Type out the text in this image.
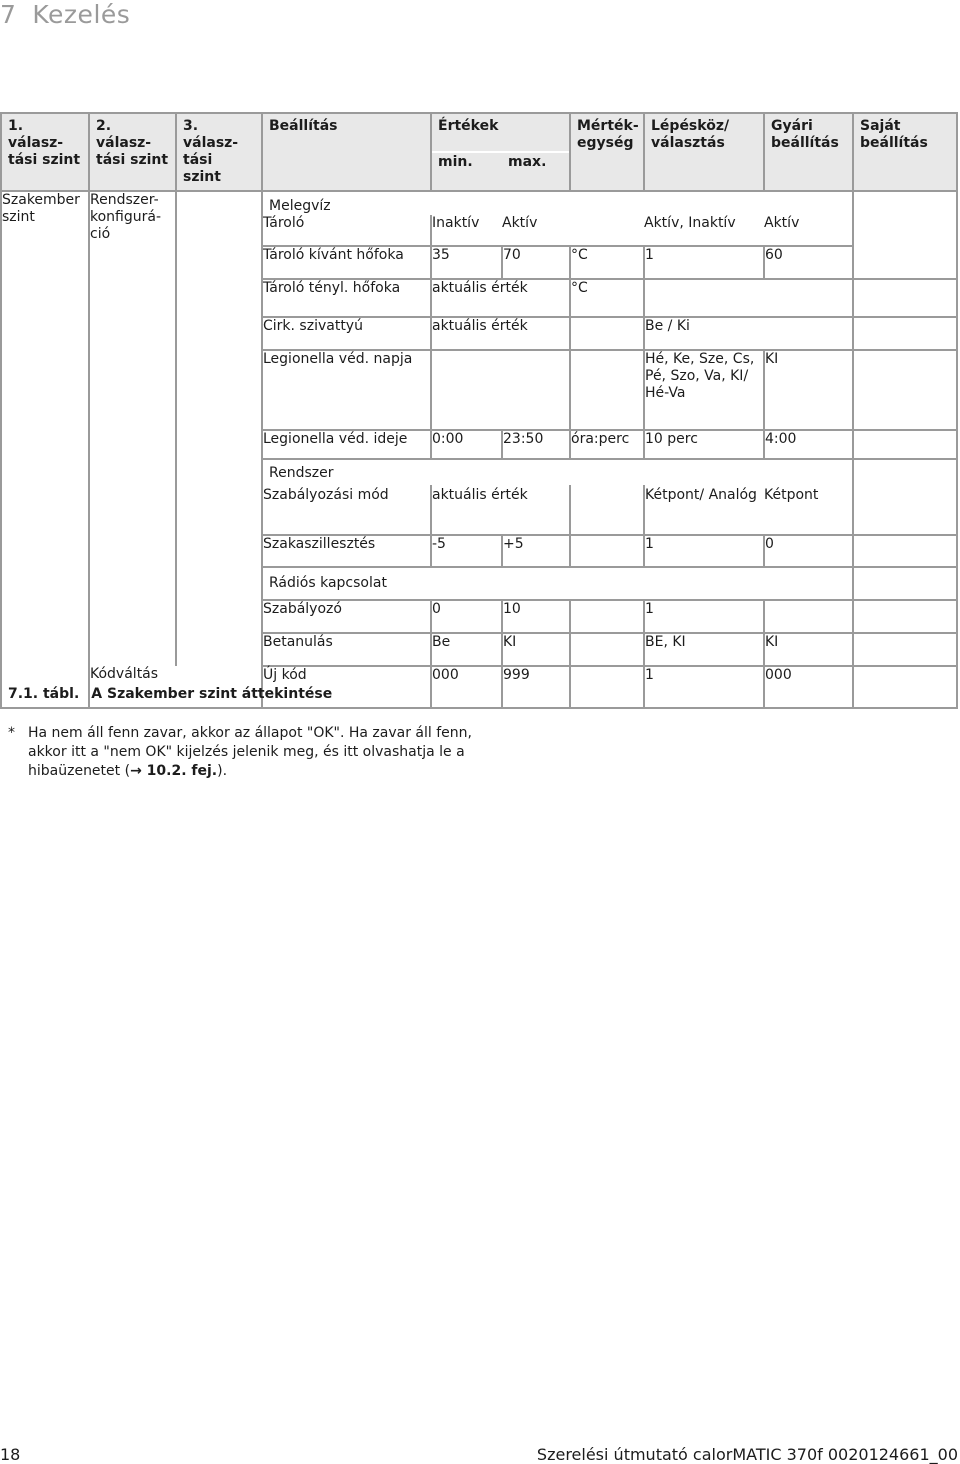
7 Kezelés
1. válasz- tási szint	2. válasz- tási szint	3. válasz- tási szint	Beállítás	Értékek		Mérték- egység	Lépésköz/ választás	Gyári beállítás	Saját beállítás
				min.	max.				
Szakember szint	Rendszer- konfigurá- ció		Melegvíz						
			Tároló	Inaktív	Aktív		Aktív, Inaktív	Aktív	
			Tároló kívánt hőfoka	35	70	°C	1	60	
			Tároló tényl. hőfoka	aktuális érték		°C			
			Cirk. szivattyú	aktuális érték			Be / Ki		
			Legionella véd. napja				Hé, Ke, Sze, Cs, Pé, Szo, Va, KI/ Hé-Va	KI	
			Legionella véd. ideje	0:00	23:50	óra:perc	10 perc	4:00	
			Rendszer						
			Szabályozási mód	aktuális érték			Kétpont/ Analóg	Kétpont	
			Szakaszillesztés	-5	+5		1	0	
			Rádiós kapcsolat						
			Szabályozó	0	10		1		
			Betanulás	Be	KI		BE, KI	KI	
	Kódváltás		Új kód	000	999		1	000	
7.1. tábl. A Szakember szint áttekintése
* Ha nem áll fenn zavar, akkor az állapot "OK". Ha zavar áll fenn, akkor itt a "nem OK" kijelzés jelenik meg, és itt olvashatja le a hibaüzenetet (→ 10.2. fej.).
18	Szerelési útmutató calorMATIC 370f 0020124661_00
